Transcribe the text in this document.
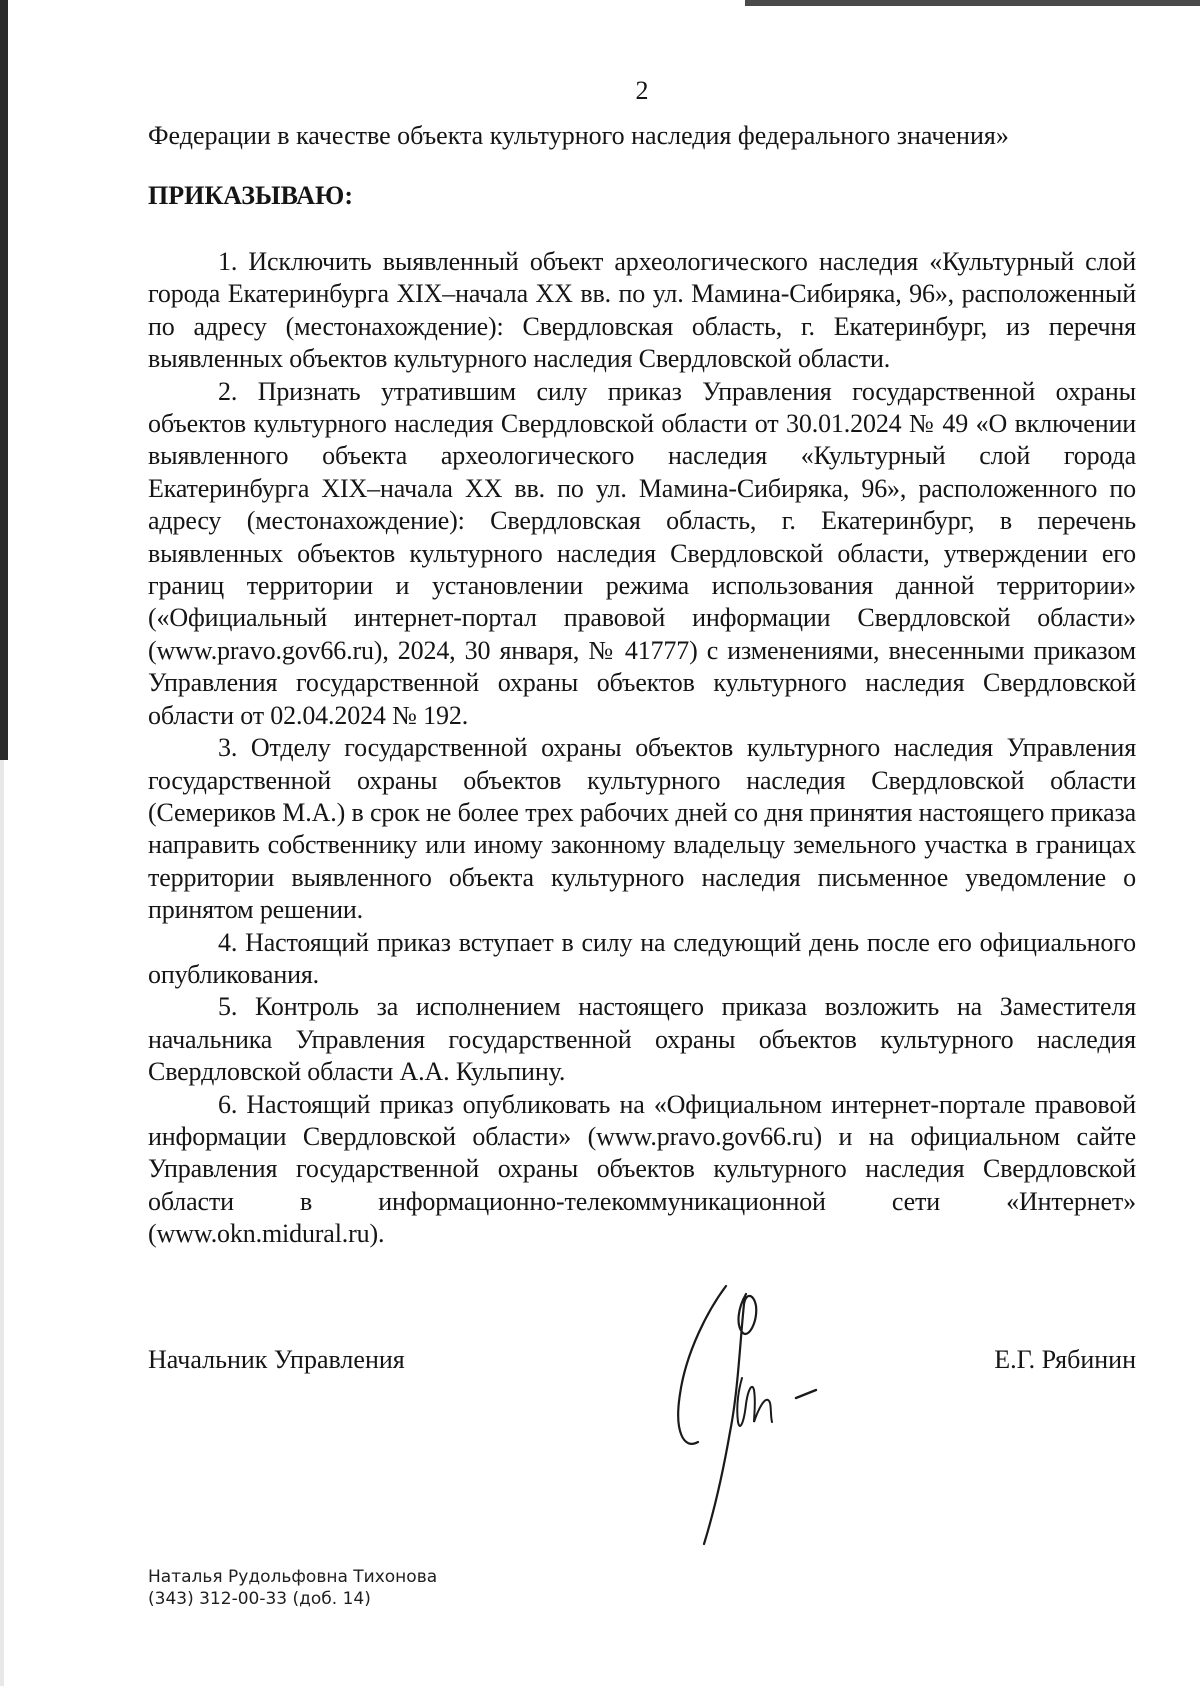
2
Федерации в качестве объекта культурного наследия федерального значения»
ПРИКАЗЫВАЮ:

1. Исключить выявленный объект археологического наследия «Культурный слой города Екатеринбурга XIX–начала XX вв. по ул. Мамина-Сибиряка, 96», расположенный по адресу (местонахождение): Свердловская область, г. Екатеринбург, из перечня выявленных объектов культурного наследия Свердловской области.

2. Признать утратившим силу приказ Управления государственной охраны объектов культурного наследия Свердловской области от 30.01.2024 № 49 «О включении выявленного объекта археологического наследия «Культурный слой города Екатеринбурга XIX–начала XX вв. по ул. Мамина-Сибиряка, 96», расположенного по адресу (местонахождение): Свердловская область, г. Екатеринбург, в перечень выявленных объектов культурного наследия Свердловской области, утверждении его границ территории и установлении режима использования данной территории» («Официальный интернет-портал правовой информации Свердловской области» (www.pravo.gov66.ru), 2024, 30 января, № 41777) с изменениями, внесенными приказом Управления государственной охраны объектов культурного наследия Свердловской области от 02.04.2024 № 192.

3. Отделу государственной охраны объектов культурного наследия Управления государственной охраны объектов культурного наследия Свердловской области (Семериков М.А.) в срок не более трех рабочих дней со дня принятия настоящего приказа направить собственнику или иному законному владельцу земельного участка в границах территории выявленного объекта культурного наследия письменное уведомление о принятом решении.

4. Настоящий приказ вступает в силу на следующий день после его официального опубликования.

5. Контроль за исполнением настоящего приказа возложить на Заместителя начальника Управления государственной охраны объектов культурного наследия Свердловской области А.А. Кульпину.

6. Настоящий приказ опубликовать на «Официальном интернет-портале правовой информации Свердловской области» (www.pravo.gov66.ru) и на официальном сайте Управления государственной охраны объектов культурного наследия Свердловской области в информационно-телекоммуникационной сети «Интернет» (www.okn.midural.ru).

Начальник Управления	Е.Г. Рябинин
Наталья Рудольфовна Тихонова
(343) 312-00-33 (доб. 14)
